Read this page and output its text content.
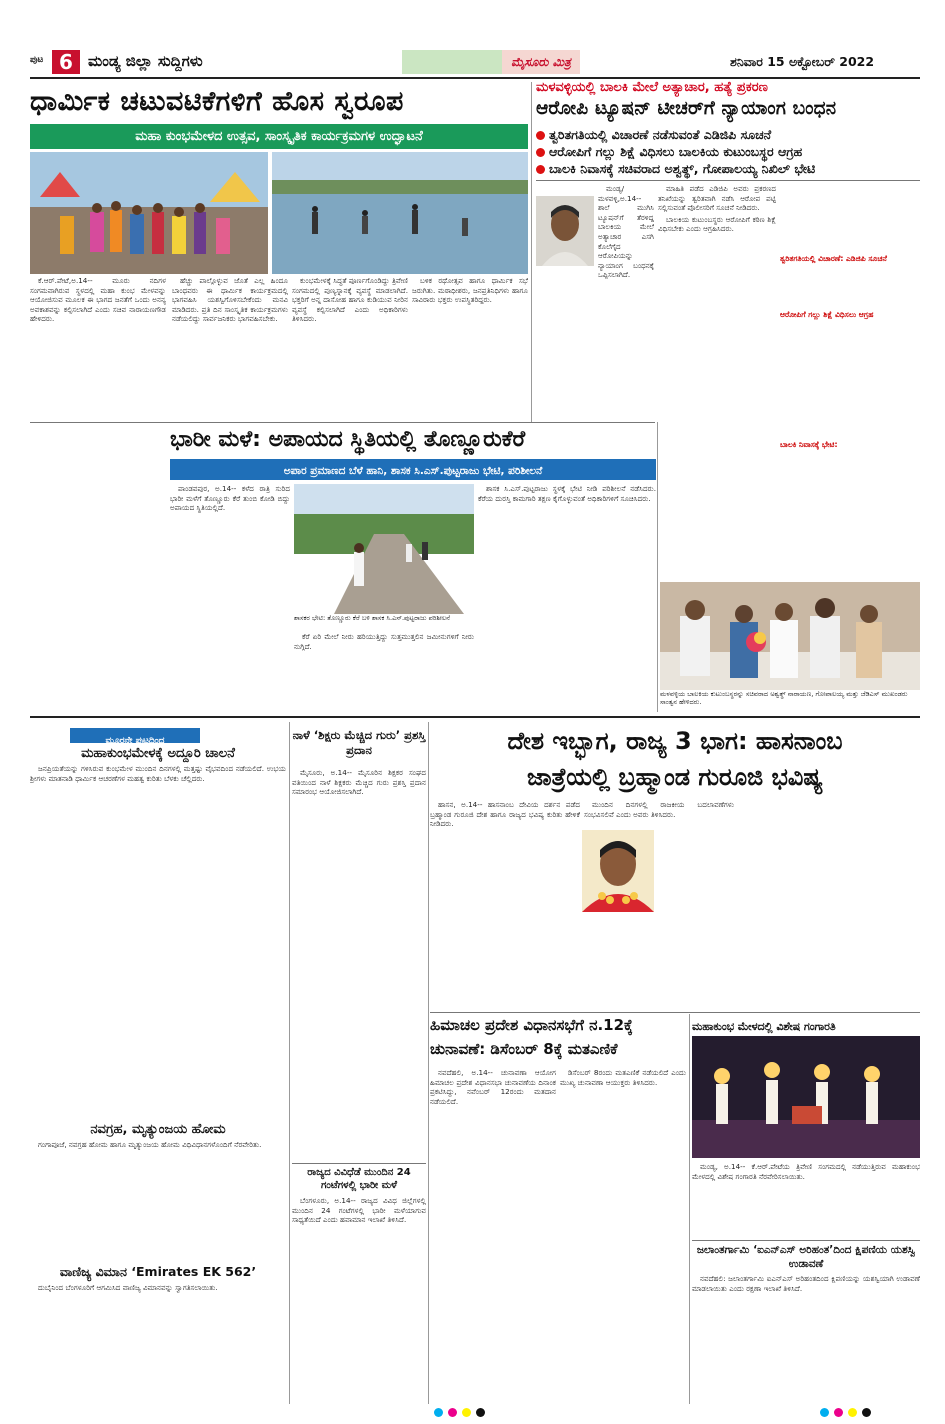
ಪುಟ 6	ಮಂಡ್ಯ ಜಿಲ್ಲಾ ಸುದ್ದಿಗಳು	ಮೈಸೂರು ಮಿತ್ರ	ಶನಿವಾರ 15 ಅಕ್ಟೋಬರ್ 2022
ಧಾರ್ಮಿಕ ಚಟುವಟಿಕೆಗಳಿಗೆ ಹೊಸ ಸ್ವರೂಪ
ಮಹಾ ಕುಂಭಮೇಳದ ಉತ್ಸವ, ಸಾಂಸ್ಕೃತಿಕ ಕಾರ್ಯಕ್ರಮಗಳ ಉದ್ಘಾಟನೆ

ಕೆ.ಆರ್.ಪೇಟೆ,ಅ.14-- ಮೂರು ನದಿಗಳ ಸಂಗಮವಾಗಿರುವ ಸ್ಥಳದಲ್ಲಿ ಮಹಾ ಕುಂಭ ಮೇಳವನ್ನು ಆಯೋಜಿಸುವ ಮೂಲಕ ಈ ಭಾಗದ ಜನತೆಗೆ ಒಂದು ಅನನ್ಯ ಅವಕಾಶವನ್ನು ಕಲ್ಪಿಸಲಾಗಿದೆ ಎಂದು ಸಚಿವ ನಾರಾಯಣಗೌಡ ಹೇಳಿದರು.

ಹೆಚ್ಚು ಪಾಲ್ಗೊಳ್ಳುವ ಜೊತೆ ಎಲ್ಲ ಹಿಂದೂ ಬಾಂಧವರು ಈ ಧಾರ್ಮಿಕ ಕಾರ್ಯಕ್ರಮದಲ್ಲಿ ಭಾಗವಹಿಸಿ ಯಶಸ್ವಿಗೊಳಿಸಬೇಕೆಂದು ಮನವಿ ಮಾಡಿದರು. ಪ್ರತಿ ದಿನ ಸಾಂಸ್ಕೃತಿಕ ಕಾರ್ಯಕ್ರಮಗಳು ನಡೆಯಲಿದ್ದು ಸಾರ್ವಜನಿಕರು ಭಾಗವಹಿಸಬೇಕು.

ಕುಂಭಮೇಳಕ್ಕೆ ಸಿದ್ಧತೆ ಪೂರ್ಣಗೊಂಡಿದ್ದು ತ್ರಿವೇಣಿ ಸಂಗಮದಲ್ಲಿ ಪುಣ್ಯಸ್ನಾನಕ್ಕೆ ವ್ಯವಸ್ಥೆ ಮಾಡಲಾಗಿದೆ. ಭಕ್ತರಿಗೆ ಅನ್ನ ದಾಸೋಹ ಹಾಗೂ ಕುಡಿಯುವ ನೀರಿನ ವ್ಯವಸ್ಥೆ ಕಲ್ಪಿಸಲಾಗಿದೆ ಎಂದು ಅಧಿಕಾರಿಗಳು ತಿಳಿಸಿದರು.

ಬಳಿಕ ರಥೋತ್ಸವ ಹಾಗೂ ಧಾರ್ಮಿಕ ಸಭೆ ಜರುಗಿತು. ಮಠಾಧೀಶರು, ಜನಪ್ರತಿನಿಧಿಗಳು ಹಾಗೂ ಸಾವಿರಾರು ಭಕ್ತರು ಉಪಸ್ಥಿತರಿದ್ದರು.

ಮಳವಳ್ಳಿಯಲ್ಲಿ ಬಾಲಕಿ ಮೇಲೆ ಅತ್ಯಾಚಾರ, ಹತ್ಯೆ ಪ್ರಕರಣ
ಆರೋಪಿ ಟ್ಯೂಷನ್ ಟೀಚರ್‌ಗೆ ನ್ಯಾಯಾಂಗ ಬಂಧನ
ತ್ವರಿತಗತಿಯಲ್ಲಿ ವಿಚಾರಣೆ ನಡೆಸುವಂತೆ ಎಡಿಜಿಪಿ ಸೂಚನೆ
ಆರೋಪಿಗೆ ಗಲ್ಲು ಶಿಕ್ಷೆ ವಿಧಿಸಲು ಬಾಲಕಿಯ ಕುಟುಂಬಸ್ಥರ ಆಗ್ರಹ
ಬಾಲಕಿ ನಿವಾಸಕ್ಕೆ ಸಚಿವರಾದ ಅಶ್ವತ್ಥ್, ಗೋಪಾಲಯ್ಯ ನಿಖಿಲ್ ಭೇಟಿ

ಮಂಡ್ಯ/ಮಳವಳ್ಳಿ,ಅ.14-- ಶಾಲೆ ಮುಗಿಸಿ ಟ್ಯೂಷನ್‌ಗೆ ತೆರಳಿದ್ದ ಬಾಲಕಿಯ ಮೇಲೆ ಅತ್ಯಾಚಾರ ಎಸಗಿ ಕೊಲೆಗೈದ ಆರೋಪಿಯನ್ನು ನ್ಯಾಯಾಂಗ ಬಂಧನಕ್ಕೆ ಒಪ್ಪಿಸಲಾಗಿದೆ.

ಮಾಹಿತಿ ಪಡೆದ ಎಡಿಜಿಪಿ ಅವರು ಪ್ರಕರಣದ ತನಿಖೆಯನ್ನು ತ್ವರಿತವಾಗಿ ನಡೆಸಿ ಆರೋಪ ಪಟ್ಟಿ ಸಲ್ಲಿಸುವಂತೆ ಪೊಲೀಸರಿಗೆ ಸೂಚನೆ ನೀಡಿದರು.

ಬಾಲಕಿಯ ಕುಟುಂಬಸ್ಥರು ಆರೋಪಿಗೆ ಕಠಿಣ ಶಿಕ್ಷೆ ವಿಧಿಸಬೇಕು ಎಂದು ಆಗ್ರಹಿಸಿದರು.

ತ್ವರಿತಗತಿಯಲ್ಲಿ ವಿಚಾರಣೆ: ಎಡಿಜಿಪಿ ಸೂಚನೆ
ಆರೋಪಿಗೆ ಗಲ್ಲು ಶಿಕ್ಷೆ ವಿಧಿಸಲು ಆಗ್ರಹ
ಬಾಲಕಿ ನಿವಾಸಕ್ಕೆ ಭೇಟಿ:
ಮಳವಳ್ಳಿಯ ಬಾಲಕಿಯ ಕುಟುಂಬಸ್ಥರನ್ನು ಸಚಿವರಾದ ಅಶ್ವತ್ಥ್ ನಾರಾಯಣ, ಗೋಪಾಲಯ್ಯ ಮತ್ತು ಜೆಡಿಎಸ್ ಮುಖಂಡರು ಸಾಂತ್ವನ ಹೇಳಿದರು.
ಭಾರೀ ಮಳೆ: ಅಪಾಯದ ಸ್ಥಿತಿಯಲ್ಲಿ ತೊಣ್ಣೂರುಕೆರೆ
ಅಪಾರ ಪ್ರಮಾಣದ ಬೆಳೆ ಹಾನಿ, ಶಾಸಕ ಸಿ.ಎಸ್.ಪುಟ್ಟರಾಜು ಭೇಟಿ, ಪರಿಶೀಲನೆ

ಪಾಂಡವಪುರ, ಅ.14-- ಕಳೆದ ರಾತ್ರಿ ಸುರಿದ ಭಾರೀ ಮಳೆಗೆ ತೊಣ್ಣೂರು ಕೆರೆ ತುಂಬಿ ಕೋಡಿ ಬಿದ್ದು ಅಪಾಯದ ಸ್ಥಿತಿಯಲ್ಲಿದೆ.

ಶಾಸಕರ ಭೇಟಿ: ತೊಣ್ಣೂರು ಕೆರೆ ಬಳಿ ಶಾಸಕ ಸಿ.ಎಸ್.ಪುಟ್ಟರಾಜು ಪರಿಶೀಲನೆ

ಕೆರೆ ಏರಿ ಮೇಲೆ ನೀರು ಹರಿಯುತ್ತಿದ್ದು ಸುತ್ತಮುತ್ತಲಿನ ಜಮೀನುಗಳಿಗೆ ನೀರು ನುಗ್ಗಿದೆ.

ಶಾಸಕ ಸಿ.ಎಸ್.ಪುಟ್ಟರಾಜು ಸ್ಥಳಕ್ಕೆ ಭೇಟಿ ನೀಡಿ ಪರಿಶೀಲನೆ ನಡೆಸಿದರು. ಕೆರೆಯ ದುರಸ್ತಿ ಕಾಮಗಾರಿ ತಕ್ಷಣ ಕೈಗೊಳ್ಳುವಂತೆ ಅಧಿಕಾರಿಗಳಿಗೆ ಸೂಚಿಸಿದರು.

ಮೂರನೇ ಪುಟದಿಂದ
ಮಹಾಕುಂಭಮೇಳಕ್ಕೆ ಅದ್ದೂರಿ ಚಾಲನೆ

ಜನಪ್ರಿಯತೆಯನ್ನು ಗಳಿಸಿರುವ ಕುಂಭಮೇಳ ಮುಂದಿನ ದಿನಗಳಲ್ಲಿ ಮತ್ತಷ್ಟು ವೈಭವದಿಂದ ನಡೆಯಲಿದೆ. ಉಭಯ ಶ್ರೀಗಳು ಮಾತನಾಡಿ ಧಾರ್ಮಿಕ ಆಚರಣೆಗಳ ಮಹತ್ವ ಕುರಿತು ಬೆಳಕು ಚೆಲ್ಲಿದರು.

ನವಗ್ರಹ, ಮೃತ್ಯುಂಜಯ ಹೋಮ

ಗಂಗಾಪೂಜೆ, ನವಗ್ರಹ ಹೋಮ ಹಾಗೂ ಮೃತ್ಯುಂಜಯ ಹೋಮ ವಿಧಿವಿಧಾನಗಳೊಂದಿಗೆ ನೆರವೇರಿತು.

ವಾಣಿಜ್ಯ ವಿಮಾನ ‘Emirates EK 562’

ದುಬೈನಿಂದ ಬೆಂಗಳೂರಿಗೆ ಆಗಮಿಸಿದ ವಾಣಿಜ್ಯ ವಿಮಾನವನ್ನು ಸ್ವಾಗತಿಸಲಾಯಿತು.

ನಾಳೆ ‘ಶಿಕ್ಷರು ಮೆಚ್ಚಿದ ಗುರು’ ಪ್ರಶಸ್ತಿ ಪ್ರದಾನ

ಮೈಸೂರು, ಅ.14-- ಮೈಸೂರಿನ ಶಿಕ್ಷಕರ ಸಂಘದ ವತಿಯಿಂದ ನಾಳೆ ಶಿಕ್ಷಕರು ಮೆಚ್ಚಿದ ಗುರು ಪ್ರಶಸ್ತಿ ಪ್ರದಾನ ಸಮಾರಂಭ ಆಯೋಜಿಸಲಾಗಿದೆ.

ರಾಜ್ಯದ ವಿವಿಧೆಡೆ ಮುಂದಿನ 24 ಗಂಟೆಗಳಲ್ಲಿ ಭಾರೀ ಮಳೆ

ಬೆಂಗಳೂರು, ಅ.14-- ರಾಜ್ಯದ ವಿವಿಧ ಜಿಲ್ಲೆಗಳಲ್ಲಿ ಮುಂದಿನ 24 ಗಂಟೆಗಳಲ್ಲಿ ಭಾರೀ ಮಳೆಯಾಗುವ ಸಾಧ್ಯತೆಯಿದೆ ಎಂದು ಹವಾಮಾನ ಇಲಾಖೆ ತಿಳಿಸಿದೆ.

ದೇಶ ಇಬ್ಭಾಗ, ರಾಜ್ಯ 3 ಭಾಗ: ಹಾಸನಾಂಬ
ಜಾತ್ರೆಯಲ್ಲಿ ಬ್ರಹ್ಮಾಂಡ ಗುರೂಜಿ ಭವಿಷ್ಯ

ಹಾಸನ, ಅ.14-- ಹಾಸನಾಂಬ ದೇವಿಯ ದರ್ಶನ ಪಡೆದ ಬ್ರಹ್ಮಾಂಡ ಗುರೂಜಿ ದೇಶ ಹಾಗೂ ರಾಜ್ಯದ ಭವಿಷ್ಯ ಕುರಿತು ಹೇಳಿಕೆ ನೀಡಿದರು.

ಮುಂದಿನ ದಿನಗಳಲ್ಲಿ ರಾಜಕೀಯ ಬದಲಾವಣೆಗಳು ಸಂಭವಿಸಲಿವೆ ಎಂದು ಅವರು ತಿಳಿಸಿದರು.

ಹಿಮಾಚಲ ಪ್ರದೇಶ ವಿಧಾನಸಭೆಗೆ ನ.12ಕ್ಕೆ
ಚುನಾವಣೆ: ಡಿಸೆಂಬರ್ 8ಕ್ಕೆ ಮತಎಣಿಕೆ

ನವದೆಹಲಿ, ಅ.14-- ಚುನಾವಣಾ ಆಯೋಗ ಹಿಮಾಚಲ ಪ್ರದೇಶ ವಿಧಾನಸಭಾ ಚುನಾವಣೆಯ ದಿನಾಂಕ ಪ್ರಕಟಿಸಿದ್ದು, ನವೆಂಬರ್ 12ರಂದು ಮತದಾನ ನಡೆಯಲಿದೆ.

ಡಿಸೆಂಬರ್ 8ರಂದು ಮತಎಣಿಕೆ ನಡೆಯಲಿದೆ ಎಂದು ಮುಖ್ಯ ಚುನಾವಣಾ ಆಯುಕ್ತರು ತಿಳಿಸಿದರು.

ಮಹಾಕುಂಭ ಮೇಳದಲ್ಲಿ ವಿಶೇಷ ಗಂಗಾರತಿ

ಮಂಡ್ಯ, ಅ.14-- ಕೆ.ಆರ್.ಪೇಟೆಯ ತ್ರಿವೇಣಿ ಸಂಗಮದಲ್ಲಿ ನಡೆಯುತ್ತಿರುವ ಮಹಾಕುಂಭ ಮೇಳದಲ್ಲಿ ವಿಶೇಷ ಗಂಗಾರತಿ ನೆರವೇರಿಸಲಾಯಿತು.

ಜಲಾಂತರ್ಗಾಮಿ ‘ಐಎನ್‌ಎಸ್ ಅರಿಹಂತ’ದಿಂದ ಕ್ಷಿಪಣಿಯ ಯಶಸ್ವಿ ಉಡಾವಣೆ

ನವದೆಹಲಿ: ಜಲಾಂತರ್ಗಾಮಿ ಐಎನ್‌ಎಸ್ ಅರಿಹಂತದಿಂದ ಕ್ಷಿಪಣಿಯನ್ನು ಯಶಸ್ವಿಯಾಗಿ ಉಡಾವಣೆ ಮಾಡಲಾಯಿತು ಎಂದು ರಕ್ಷಣಾ ಇಲಾಖೆ ತಿಳಿಸಿದೆ.
